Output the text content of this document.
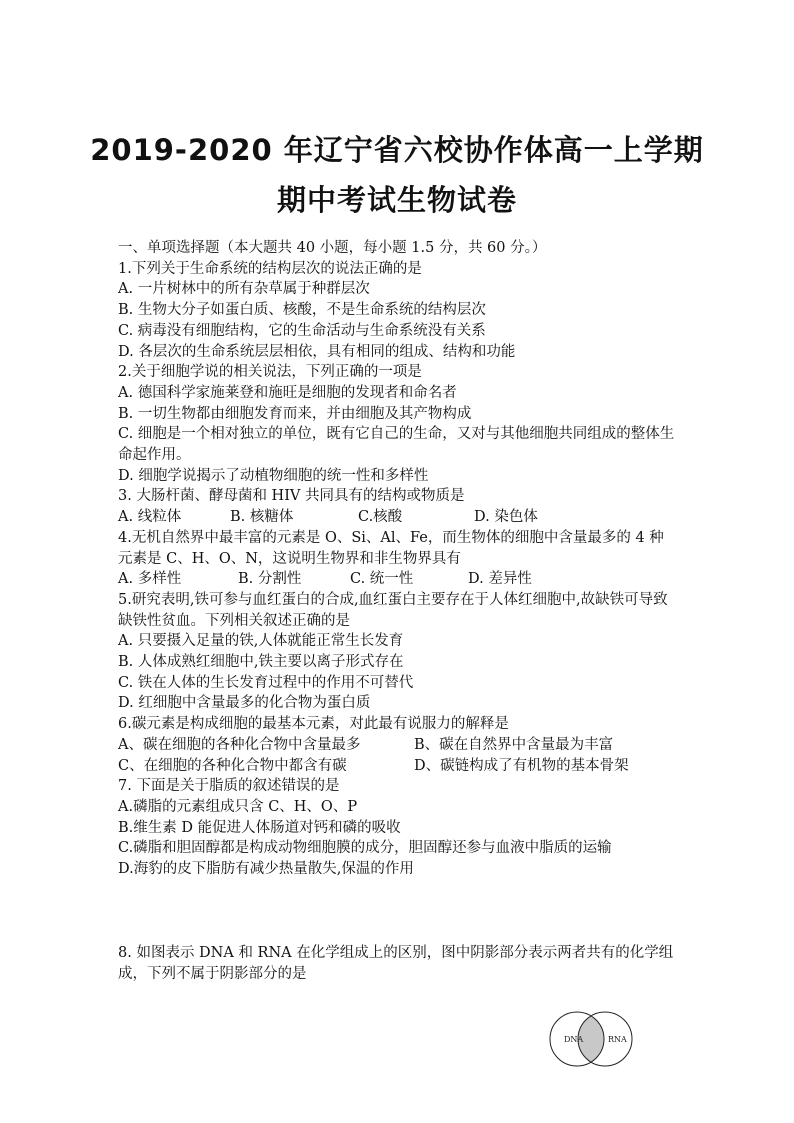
2019-2020 年辽宁省六校协作体高一上学期
期中考试生物试卷
一、单项选择题（本大题共 40 小题，每小题 1.5 分，共 60 分。）
1.下列关于生命系统的结构层次的说法正确的是
A. 一片树林中的所有杂草属于种群层次
B. 生物大分子如蛋白质、核酸，不是生命系统的结构层次
C. 病毒没有细胞结构，它的生命活动与生命系统没有关系
D. 各层次的生命系统层层相依，具有相同的组成、结构和功能
2.关于细胞学说的相关说法，下列正确的一项是
A. 德国科学家施莱登和施旺是细胞的发现者和命名者
B. 一切生物都由细胞发育而来，并由细胞及其产物构成
C. 细胞是一个相对独立的单位，既有它自己的生命，又对与其他细胞共同组成的整体生命起作用。
D. 细胞学说揭示了动植物细胞的统一性和多样性
3. 大肠杆菌、酵母菌和 HIV 共同具有的结构或物质是
A. 线粒体	B. 核糖体	C.核酸	D. 染色体
4.无机自然界中最丰富的元素是 O、Si、Al、Fe，而生物体的细胞中含量最多的 4 种元素是 C、H、O、N，这说明生物界和非生物界具有
A. 多样性	B. 分割性	C. 统一性	D. 差异性
5.研究表明,铁可参与血红蛋白的合成,血红蛋白主要存在于人体红细胞中,故缺铁可导致缺铁性贫血。下列相关叙述正确的是
A. 只要摄入足量的铁,人体就能正常生长发育
B. 人体成熟红细胞中,铁主要以离子形式存在
C. 铁在人体的生长发育过程中的作用不可替代
D. 红细胞中含量最多的化合物为蛋白质
6.碳元素是构成细胞的最基本元素，对此最有说服力的解释是
A、碳在细胞的各种化合物中含量最多	B、碳在自然界中含量最为丰富
C、在细胞的各种化合物中都含有碳	D、碳链构成了有机物的基本骨架
7. 下面是关于脂质的叙述错误的是
A.磷脂的元素组成只含 C、H、O、P
B.维生素 D 能促进人体肠道对钙和磷的吸收
C.磷脂和胆固醇都是构成动物细胞膜的成分，胆固醇还参与血液中脂质的运输
D.海豹的皮下脂肪有减少热量散失,保温的作用
8. 如图表示 DNA 和 RNA 在化学组成上的区别，图中阴影部分表示两者共有的化学组成，下列不属于阴影部分的是
DNA	RNA
